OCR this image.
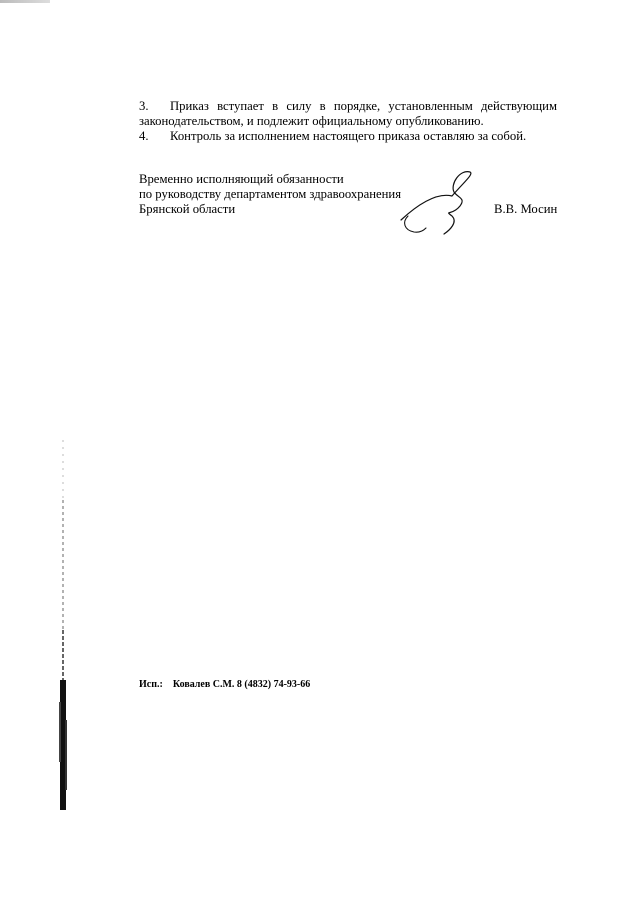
3.	Приказ вступает в силу в порядке, установленным действующим законодательством, и подлежит официальному опубликованию.
4.	Контроль за исполнением настоящего приказа оставляю за собой.
Временно исполняющий обязанности
по руководству департаментом здравоохранения
Брянской области	В.В. Мосин
Исп.: Ковалев С.М. 8 (4832) 74-93-66
